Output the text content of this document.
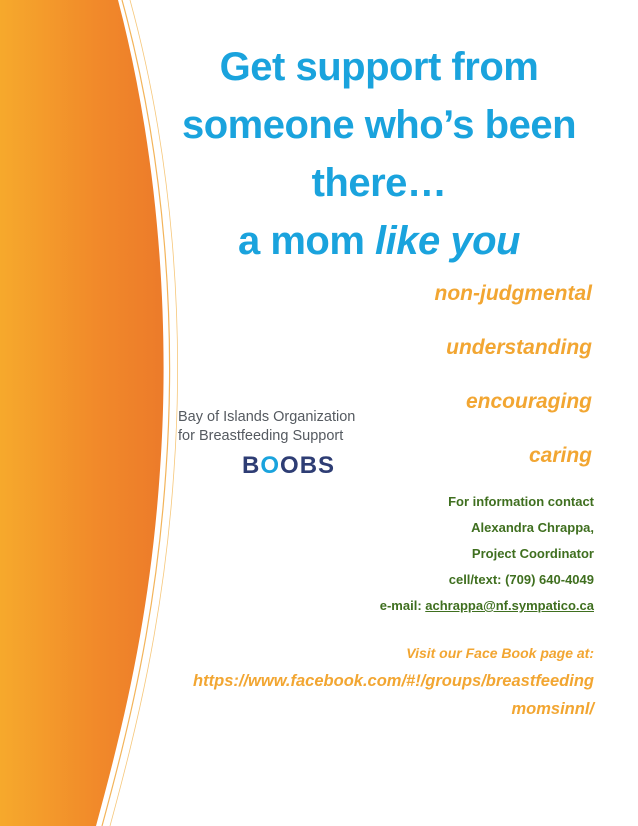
Get support from
someone who’s been
there…
a mom like you
non-judgmental
understanding
encouraging
caring
Bay of Islands Organization
for Breastfeeding Support
BOOBS
For information contact
Alexandra Chrappa,
Project Coordinator
cell/text: (709) 640-4049
e-mail: achrappa@nf.sympatico.ca
Visit our Face Book page at:
https://www.facebook.com/#!/groups/breastfeeding
momsinnl/
